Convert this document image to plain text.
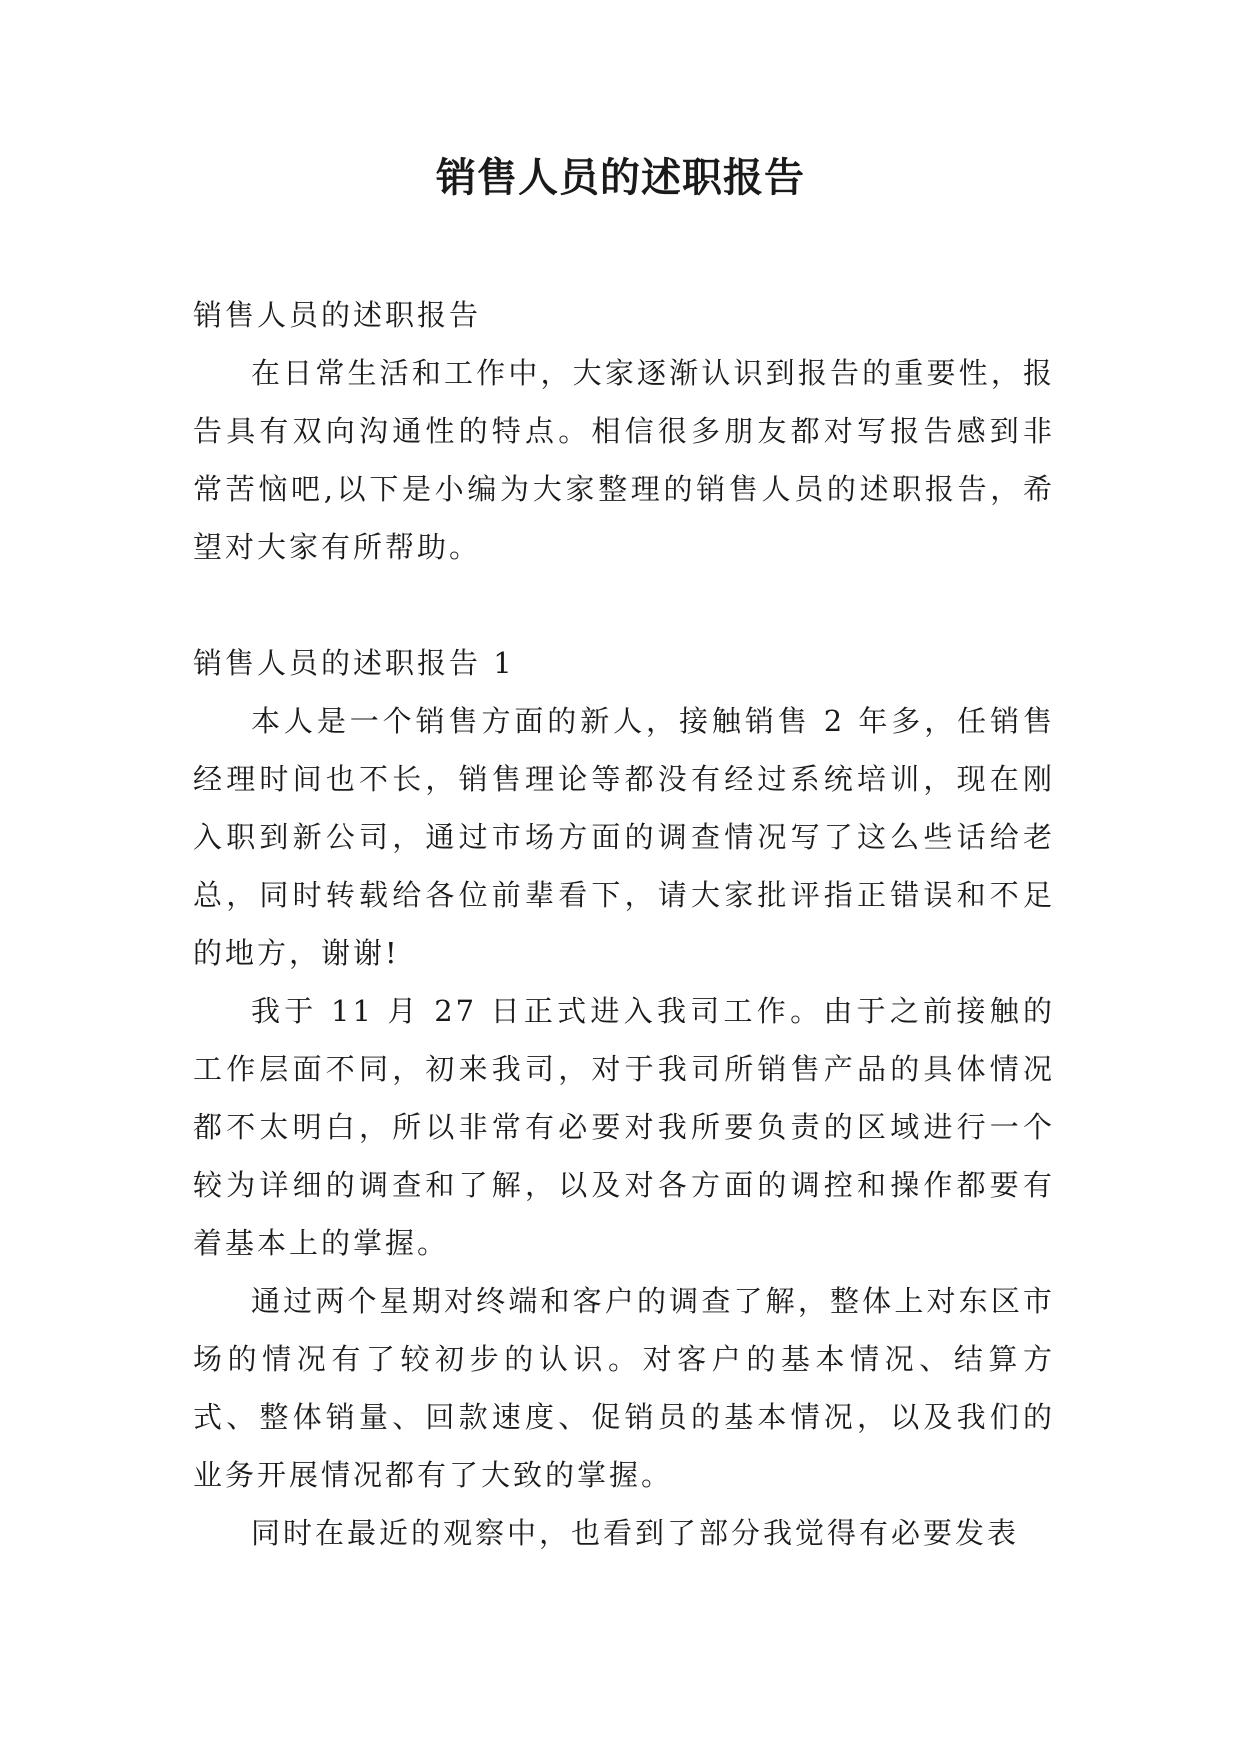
销售人员的述职报告

销售人员的述职报告

在日常生活和工作中，大家逐渐认识到报告的重要性，报告具有双向沟通性的特点。相信很多朋友都对写报告感到非常苦恼吧,以下是小编为大家整理的销售人员的述职报告，希望对大家有所帮助。

销售人员的述职报告 1

本人是一个销售方面的新人，接触销售 2 年多，任销售经理时间也不长，销售理论等都没有经过系统培训，现在刚入职到新公司，通过市场方面的调查情况写了这么些话给老总，同时转载给各位前辈看下，请大家批评指正错误和不足的地方，谢谢!

我于 11 月 27 日正式进入我司工作。由于之前接触的工作层面不同，初来我司，对于我司所销售产品的具体情况都不太明白，所以非常有必要对我所要负责的区域进行一个较为详细的调查和了解，以及对各方面的调控和操作都要有着基本上的掌握。

通过两个星期对终端和客户的调查了解，整体上对东区市场的情况有了较初步的认识。对客户的基本情况、结算方式、整体销量、回款速度、促销员的基本情况，以及我们的业务开展情况都有了大致的掌握。

同时在最近的观察中，也看到了部分我觉得有必要发表
